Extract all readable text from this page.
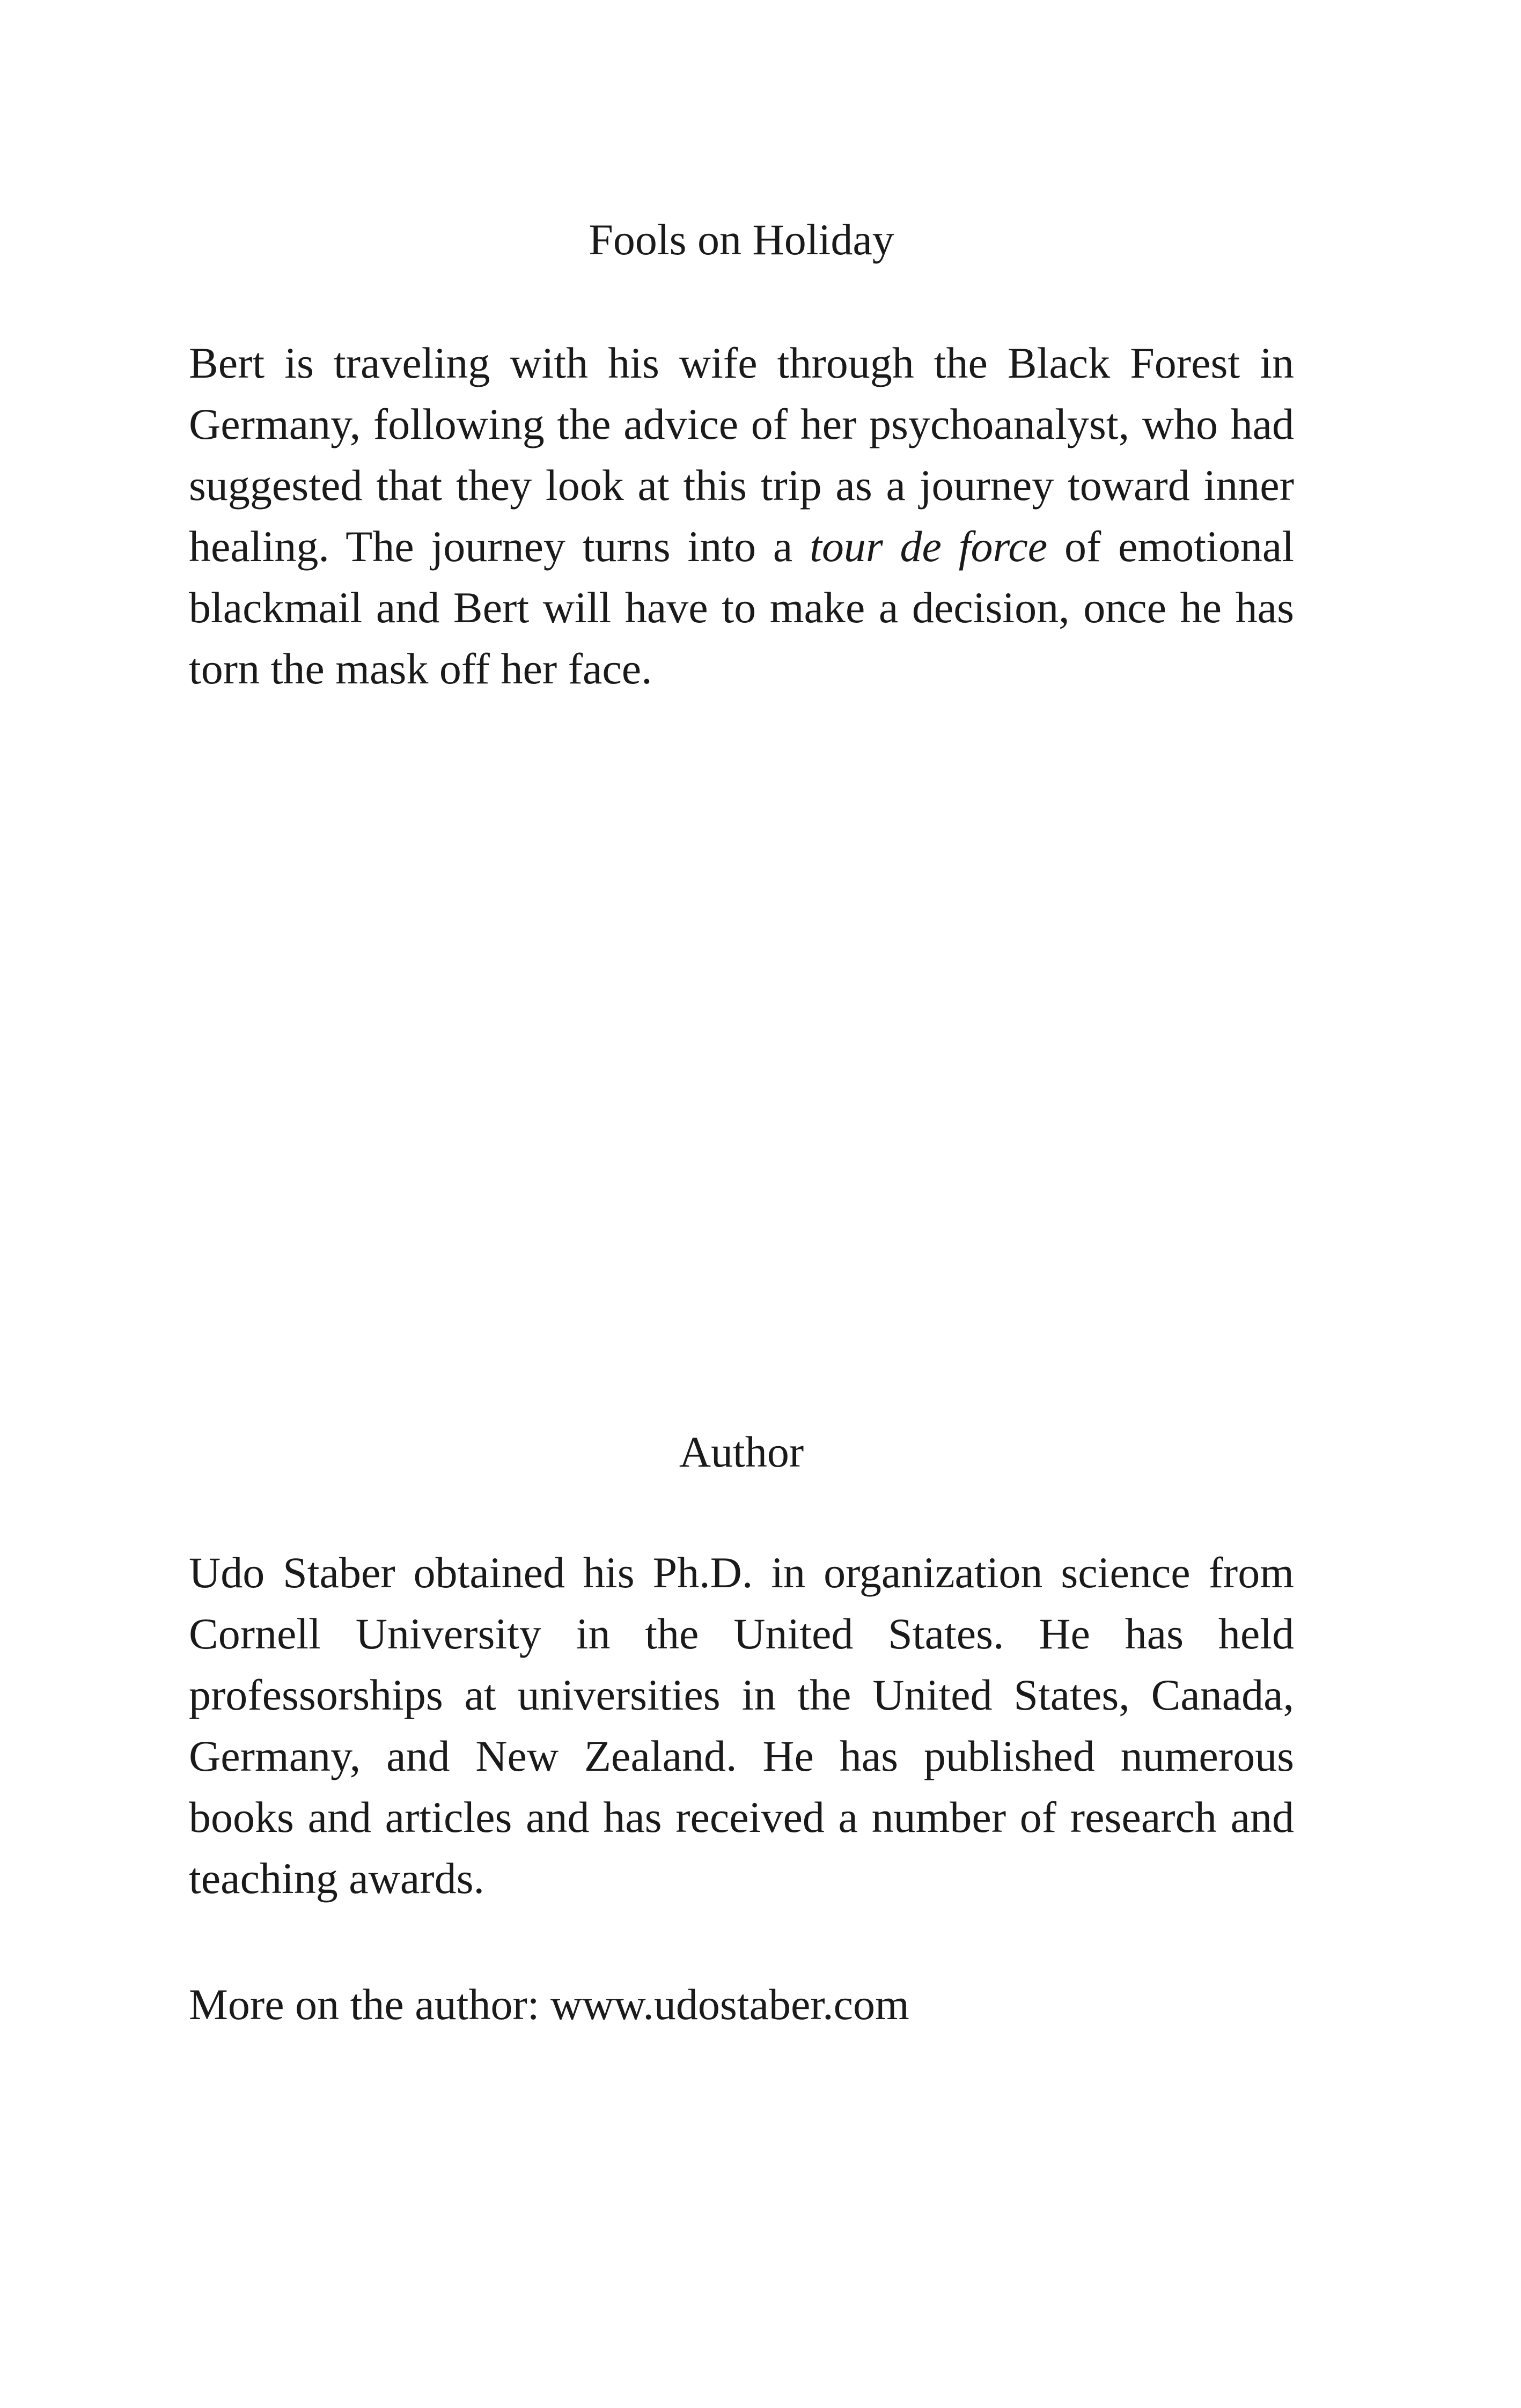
Fools on Holiday

Bert is traveling with his wife through the Black Forest in Germany, following the advice of her psychoanalyst, who had suggested that they look at this trip as a journey toward inner healing. The journey turns into a tour de force of emotional blackmail and Bert will have to make a decision, once he has torn the mask off her face.

Author

Udo Staber obtained his Ph.D. in organization science from Cornell University in the United States. He has held professorships at universities in the United States, Canada, Germany, and New Zealand. He has published numerous books and articles and has received a number of research and teaching awards.

More on the author: www.udostaber.com
